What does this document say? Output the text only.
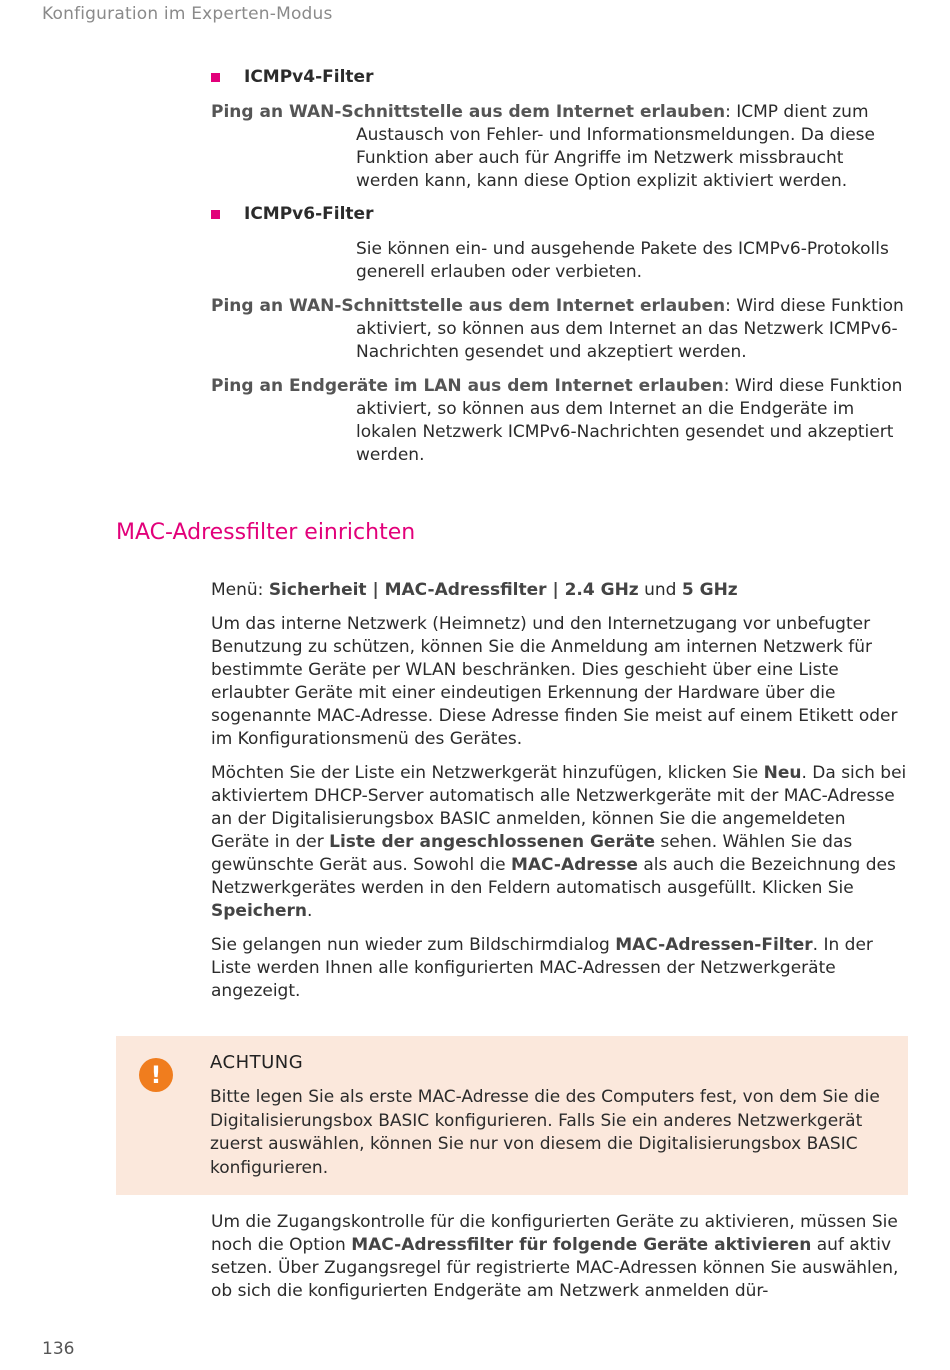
Konfiguration im Experten-Modus
ICMPv4-Filter

Ping an WAN-Schnittstelle aus dem Internet erlauben: ICMP dient zum Austausch von Fehler- und Informationsmeldungen. Da diese Funktion aber auch für Angriffe im Netzwerk missbraucht werden kann, kann diese Option explizit aktiviert werden.

ICMPv6-Filter

Sie können ein- und ausgehende Pakete des ICMPv6-Protokolls generell erlauben oder verbieten.

Ping an WAN-Schnittstelle aus dem Internet erlauben: Wird diese Funktion aktiviert, so können aus dem Internet an das Netzwerk ICMPv6-Nachrichten gesendet und akzeptiert werden.

Ping an Endgeräte im LAN aus dem Internet erlauben: Wird diese Funktion aktiviert, so können aus dem Internet an die Endgeräte im lokalen Netzwerk ICMPv6-Nachrichten gesendet und akzeptiert werden.

MAC-Adressfilter einrichten

Menü: Sicherheit | MAC-Adressfilter | 2.4 GHz und 5 GHz

Um das interne Netzwerk (Heimnetz) und den Internetzugang vor unbefugter Benutzung zu schützen, können Sie die Anmeldung am internen Netzwerk für bestimmte Geräte per WLAN beschränken. Dies geschieht über eine Liste erlaubter Geräte mit einer eindeutigen Erkennung der Hardware über die sogenannte MAC-Adresse. Diese Adresse finden Sie meist auf einem Etikett oder im Konfigurationsmenü des Gerätes.

Möchten Sie der Liste ein Netzwerkgerät hinzufügen, klicken Sie Neu. Da sich bei aktiviertem DHCP-Server automatisch alle Netzwerkgeräte mit der MAC-Adresse an der Digitalisierungsbox BASIC anmelden, können Sie die angemeldeten Geräte in der Liste der angeschlossenen Geräte sehen. Wählen Sie das gewünschte Gerät aus. Sowohl die MAC-Adresse als auch die Bezeichnung des Netzwerkgerätes werden in den Feldern automatisch ausgefüllt. Klicken Sie Speichern.

Sie gelangen nun wieder zum Bildschirmdialog MAC-Adressen-Filter. In der Liste werden Ihnen alle konfigurierten MAC-Adressen der Netzwerkgeräte angezeigt.

!	ACHTUNG
Bitte legen Sie als erste MAC-Adresse die des Computers fest, von dem Sie die Digitalisierungsbox BASIC konfigurieren. Falls Sie ein anderes Netzwerkgerät zuerst auswählen, können Sie nur von diesem die Digitalisierungsbox BASIC konfigurieren.

Um die Zugangskontrolle für die konfigurierten Geräte zu aktivieren, müssen Sie noch die Option MAC-Adressfilter für folgende Geräte aktivieren auf aktiv setzen. Über Zugangsregel für registrierte MAC-Adressen können Sie auswählen, ob sich die konfigurierten Endgeräte am Netzwerk anmelden dür-

136
